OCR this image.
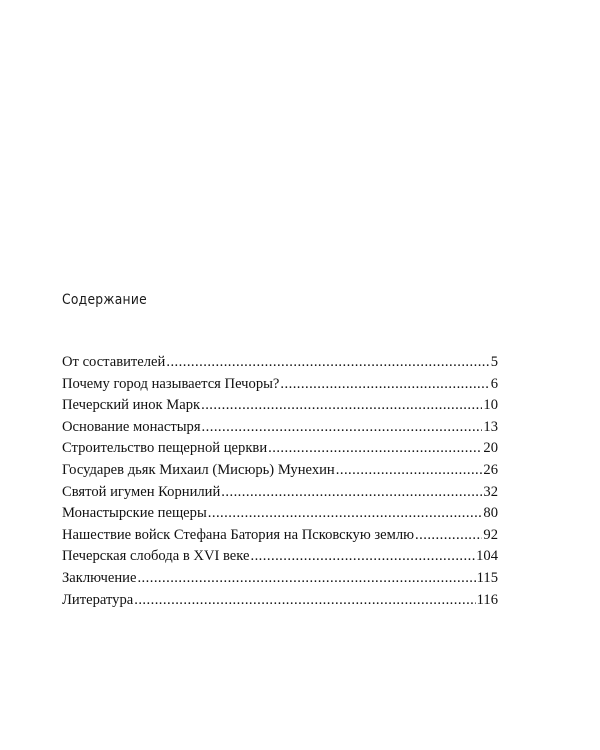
Содержание
От составителей . . .	5
Почему город называется Печоры? . . .	6
Печерский инок Марк . . .	10
Основание монастыря . . .	13
Строительство пещерной церкви . . .	20
Государев дьяк Михаил (Мисюрь) Мунехин . . .	26
Святой игумен Корнилий . . .	32
Монастырские пещеры . . .	80
Нашествие войск Стефана Батория на Псковскую землю . . .	92
Печерская слобода в XVI веке . . .	104
Заключение . . .	115
Литература . . .	116
